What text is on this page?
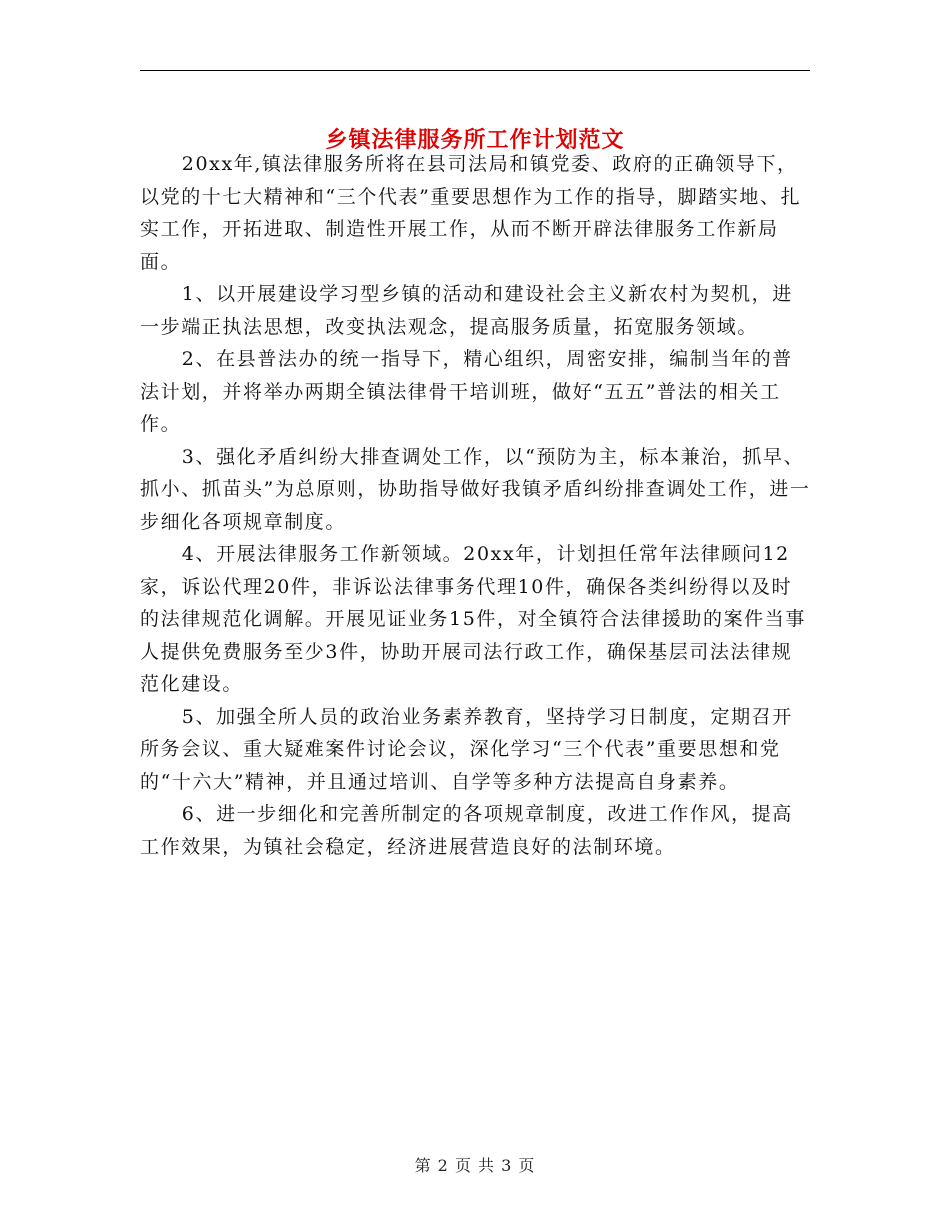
乡镇法律服务所工作计划范文

20xx年,镇法律服务所将在县司法局和镇党委、政府的正确领导下，以党的十七大精神和“三个代表”重要思想作为工作的指导，脚踏实地、扎实工作，开拓进取、制造性开展工作，从而不断开辟法律服务工作新局面。

1、以开展建设学习型乡镇的活动和建设社会主义新农村为契机，进一步端正执法思想，改变执法观念，提高服务质量，拓宽服务领域。

2、在县普法办的统一指导下，精心组织，周密安排，编制当年的普法计划，并将举办两期全镇法律骨干培训班，做好“五五”普法的相关工作。

3、强化矛盾纠纷大排查调处工作，以“预防为主，标本兼治，抓早、抓小、抓苗头”为总原则，协助指导做好我镇矛盾纠纷排查调处工作，进一步细化各项规章制度。

4、开展法律服务工作新领域。20xx年，计划担任常年法律顾问12家，诉讼代理20件，非诉讼法律事务代理10件，确保各类纠纷得以及时的法律规范化调解。开展见证业务15件，对全镇符合法律援助的案件当事人提供免费服务至少3件，协助开展司法行政工作，确保基层司法法律规范化建设。

5、加强全所人员的政治业务素养教育，坚持学习日制度，定期召开所务会议、重大疑难案件讨论会议，深化学习“三个代表”重要思想和党的“十六大”精神，并且通过培训、自学等多种方法提高自身素养。

6、进一步细化和完善所制定的各项规章制度，改进工作作风，提高工作效果，为镇社会稳定，经济进展营造良好的法制环境。

第 2 页 共 3 页
